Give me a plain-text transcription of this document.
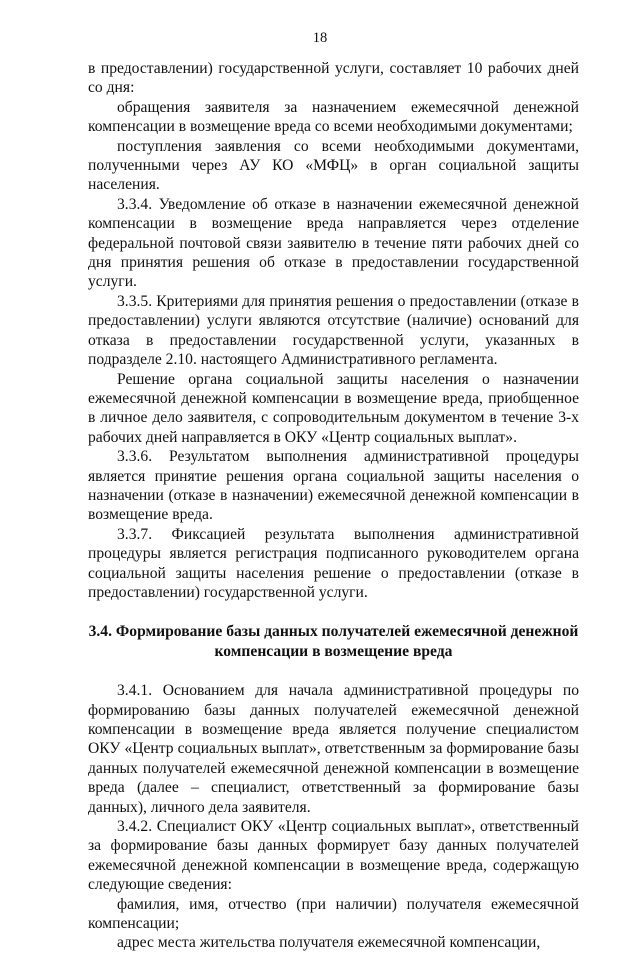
18

в предоставлении) государственной услуги, составляет 10 рабочих дней со дня:

обращения заявителя за назначением ежемесячной денежной компенсации в возмещение вреда со всеми необходимыми документами;

поступления заявления со всеми необходимыми документами, полученными через АУ КО «МФЦ» в орган социальной защиты населения.

3.3.4. Уведомление об отказе в назначении ежемесячной денежной компенсации в возмещение вреда направляется через отделение федеральной почтовой связи заявителю в течение пяти рабочих дней со дня принятия решения об отказе в предоставлении государственной услуги.

3.3.5. Критериями для принятия решения о предоставлении (отказе в предоставлении) услуги являются отсутствие (наличие) оснований для отказа в предоставлении государственной услуги, указанных в подразделе 2.10. настоящего Административного регламента.

Решение органа социальной защиты населения о назначении ежемесячной денежной компенсации в возмещение вреда, приобщенное в личное дело заявителя, с сопроводительным документом в течение 3-х рабочих дней направляется в ОКУ «Центр социальных выплат».

3.3.6. Результатом выполнения административной процедуры является принятие решения органа социальной защиты населения о назначении (отказе в назначении) ежемесячной денежной компенсации в возмещение вреда.

3.3.7. Фиксацией результата выполнения административной процедуры является регистрация подписанного руководителем органа социальной защиты населения решение о предоставлении (отказе в предоставлении) государственной услуги.

3.4. Формирование базы данных получателей ежемесячной денежной

компенсации в возмещение вреда

3.4.1. Основанием для начала административной процедуры по формированию базы данных получателей ежемесячной денежной компенсации в возмещение вреда является получение специалистом ОКУ «Центр социальных выплат», ответственным за формирование базы данных получателей ежемесячной денежной компенсации в возмещение вреда (далее – специалист, ответственный за формирование базы данных), личного дела заявителя.

3.4.2. Специалист ОКУ «Центр социальных выплат», ответственный за формирование базы данных формирует базу данных получателей ежемесячной денежной компенсации в возмещение вреда, содержащую следующие сведения:

фамилия, имя, отчество (при наличии) получателя ежемесячной компенсации;

адрес места жительства получателя ежемесячной компенсации,
